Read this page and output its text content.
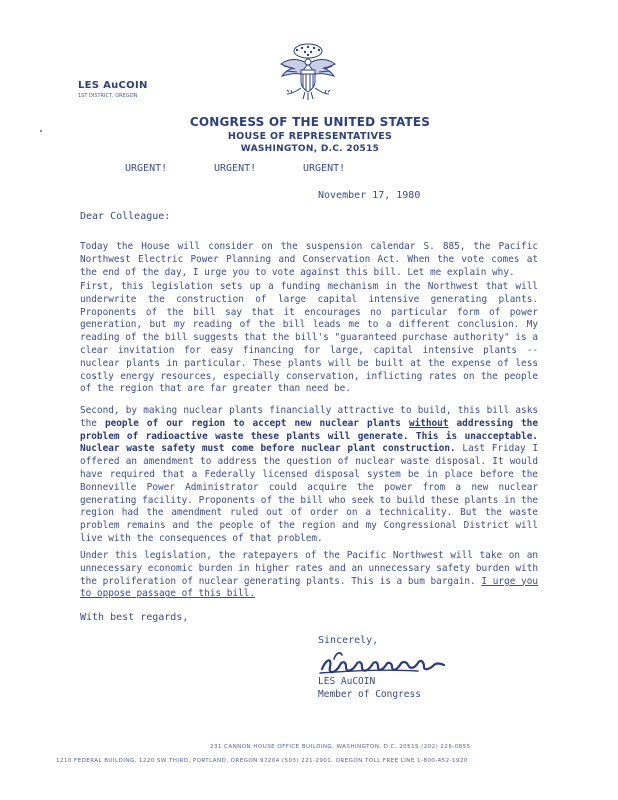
LES AuCOIN
1ST DISTRICT, OREGON
CONGRESS OF THE UNITED STATES
HOUSE OF REPRESENTATIVES
WASHINGTON, D.C. 20515
URGENT!	URGENT!	URGENT!
November 17, 1980
Dear Colleague:
Today the House will consider on the suspension calendar S. 885, the Pacific Northwest Electric Power Planning and Conservation Act. When the vote comes at the end of the day, I urge you to vote against this bill. Let me explain why.
First, this legislation sets up a funding mechanism in the Northwest that will underwrite the construction of large capital intensive generating plants. Proponents of the bill say that it encourages no particular form of power generation, but my reading of the bill leads me to a different conclusion. My reading of the bill suggests that the bill's "guaranteed purchase authority" is a clear invitation for easy financing for large, capital intensive plants -- nuclear plants in particular. These plants will be built at the expense of less costly energy resources, especially conservation, inflicting rates on the people of the region that are far greater than need be.
Second, by making nuclear plants financially attractive to build, this bill asks the people of our region to accept new nuclear plants without addressing the problem of radioactive waste these plants will generate. This is unacceptable. Nuclear waste safety must come before nuclear plant construction. Last Friday I offered an amendment to address the question of nuclear waste disposal. It would have required that a Federally licensed disposal system be in place before the Bonneville Power Administrator could acquire the power from a new nuclear generating facility. Proponents of the bill who seek to build these plants in the region had the amendment ruled out of order on a technicality. But the waste problem remains and the people of the region and my Congressional District will live with the consequences of that problem.
Under this legislation, the ratepayers of the Pacific Northwest will take on an unnecessary economic burden in higher rates and an unnecessary safety burden with the proliferation of nuclear generating plants. This is a bum bargain. I urge you to oppose passage of this bill.
With best regards,
Sincerely,
LES AuCOIN
Member of Congress
231 CANNON HOUSE OFFICE BUILDING, WASHINGTON, D.C. 20515 (202) 225-0855
1210 FEDERAL BUILDING, 1220 SW THIRD, PORTLAND, OREGON 97204 (503) 221-2901, OREGON TOLL FREE LINE 1-800-452-1920
